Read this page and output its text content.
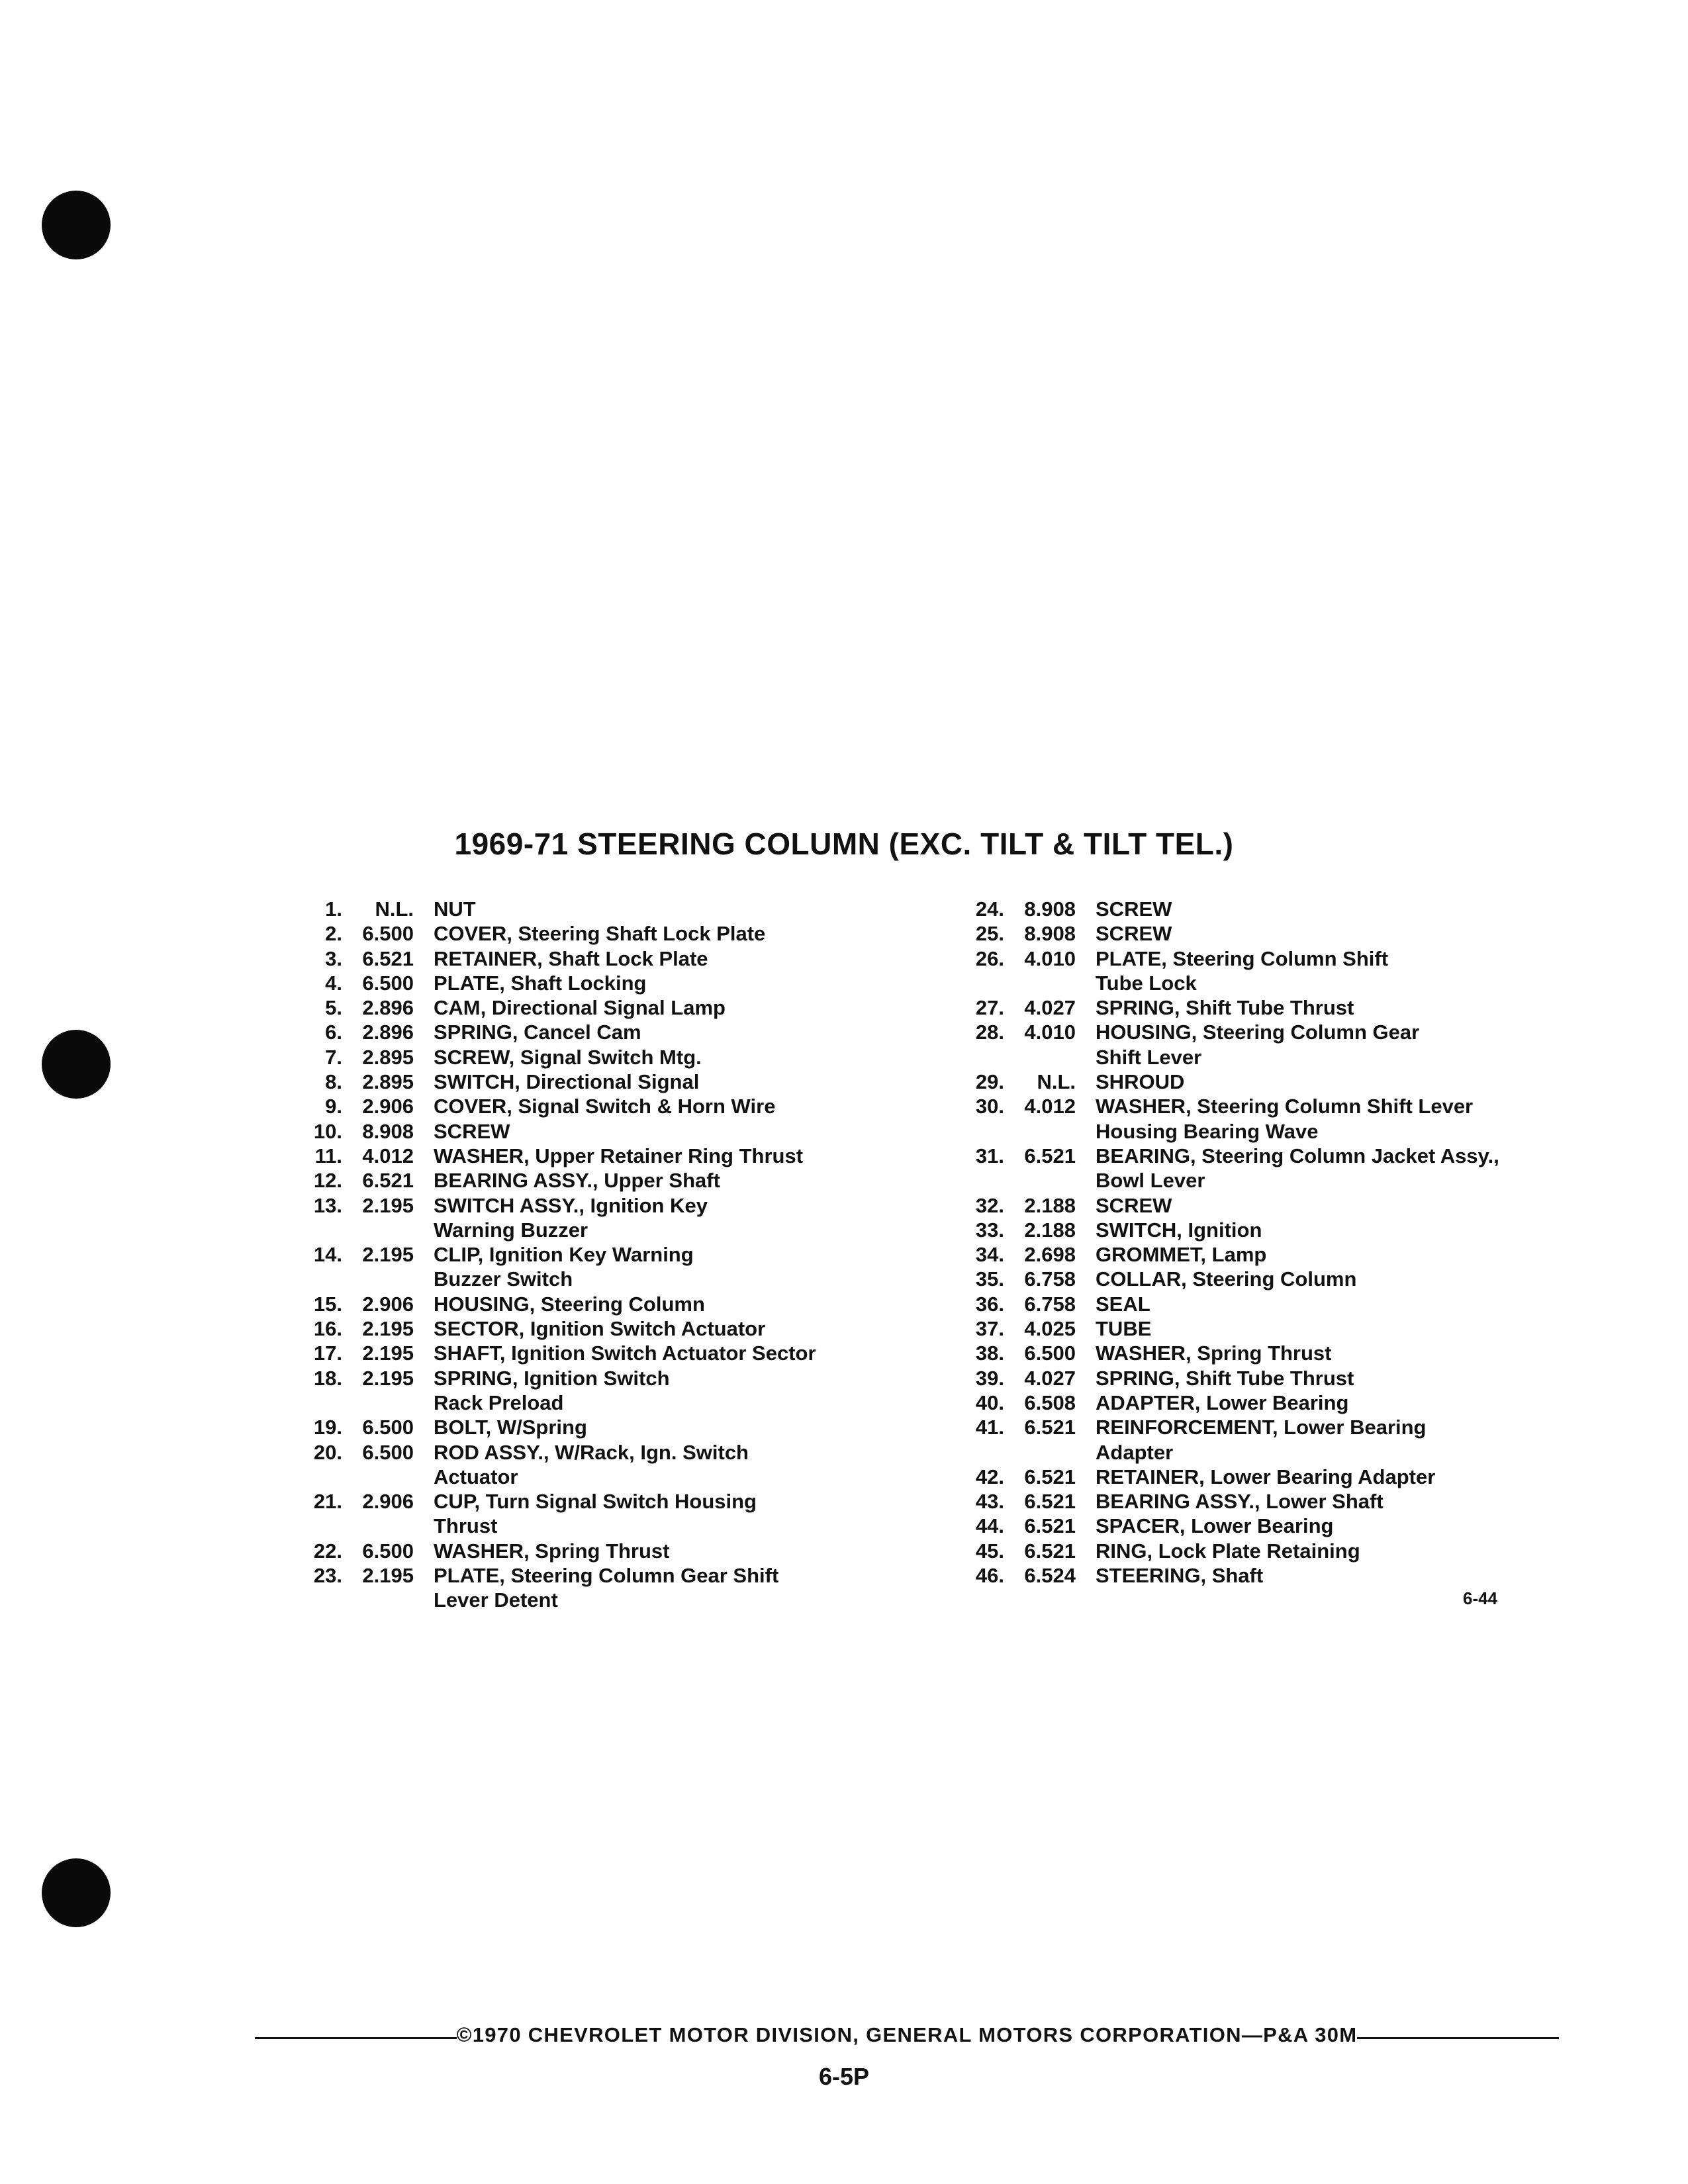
1969-71 STEERING COLUMN (EXC. TILT & TILT TEL.)
1.	N.L. NUT
2. 6.500 COVER, Steering Shaft Lock Plate
3. 6.521 RETAINER, Shaft Lock Plate
4. 6.500 PLATE, Shaft Locking
5. 2.896 CAM, Directional Signal Lamp
6. 2.896 SPRING, Cancel Cam
7. 2.895 SCREW, Signal Switch Mtg.
8. 2.895 SWITCH, Directional Signal
9. 2.906 COVER, Signal Switch & Horn Wire
10. 8.908 SCREW
11. 4.012 WASHER, Upper Retainer Ring Thrust
12. 6.521 BEARING ASSY., Upper Shaft
13. 2.195 SWITCH ASSY., Ignition Key
Warning Buzzer
14. 2.195 CLIP, Ignition Key Warning
Buzzer Switch
15. 2.906 HOUSING, Steering Column
16. 2.195 SECTOR, Ignition Switch Actuator
17. 2.195 SHAFT, Ignition Switch Actuator Sector
18. 2.195 SPRING, Ignition Switch
Rack Preload
19. 6.500 BOLT, W/Spring
20. 6.500 ROD ASSY., W/Rack, Ign. Switch
Actuator
21. 2.906 CUP, Turn Signal Switch Housing
Thrust
22. 6.500 WASHER, Spring Thrust
23. 2.195 PLATE, Steering Column Gear Shift
Lever Detent
24. 8.908 SCREW
25. 8.908 SCREW
26. 4.010 PLATE, Steering Column Shift
Tube Lock
27. 4.027 SPRING, Shift Tube Thrust
28. 4.010 HOUSING, Steering Column Gear
Shift Lever
29.	N.L. SHROUD
30. 4.012 WASHER, Steering Column Shift Lever
Housing Bearing Wave
31. 6.521 BEARING, Steering Column Jacket Assy.,
Bowl Lever
32. 2.188 SCREW
33. 2.188 SWITCH, Ignition
34. 2.698 GROMMET, Lamp
35. 6.758 COLLAR, Steering Column
36. 6.758 SEAL
37. 4.025 TUBE
38. 6.500 WASHER, Spring Thrust
39. 4.027 SPRING, Shift Tube Thrust
40. 6.508 ADAPTER, Lower Bearing
41. 6.521 REINFORCEMENT, Lower Bearing
Adapter
42. 6.521 RETAINER, Lower Bearing Adapter
43. 6.521 BEARING ASSY., Lower Shaft
44. 6.521 SPACER, Lower Bearing
45. 6.521 RING, Lock Plate Retaining
46. 6.524 STEERING, Shaft
6-44
©1970 CHEVROLET MOTOR DIVISION, GENERAL MOTORS CORPORATION—P&A 30M
6-5P
